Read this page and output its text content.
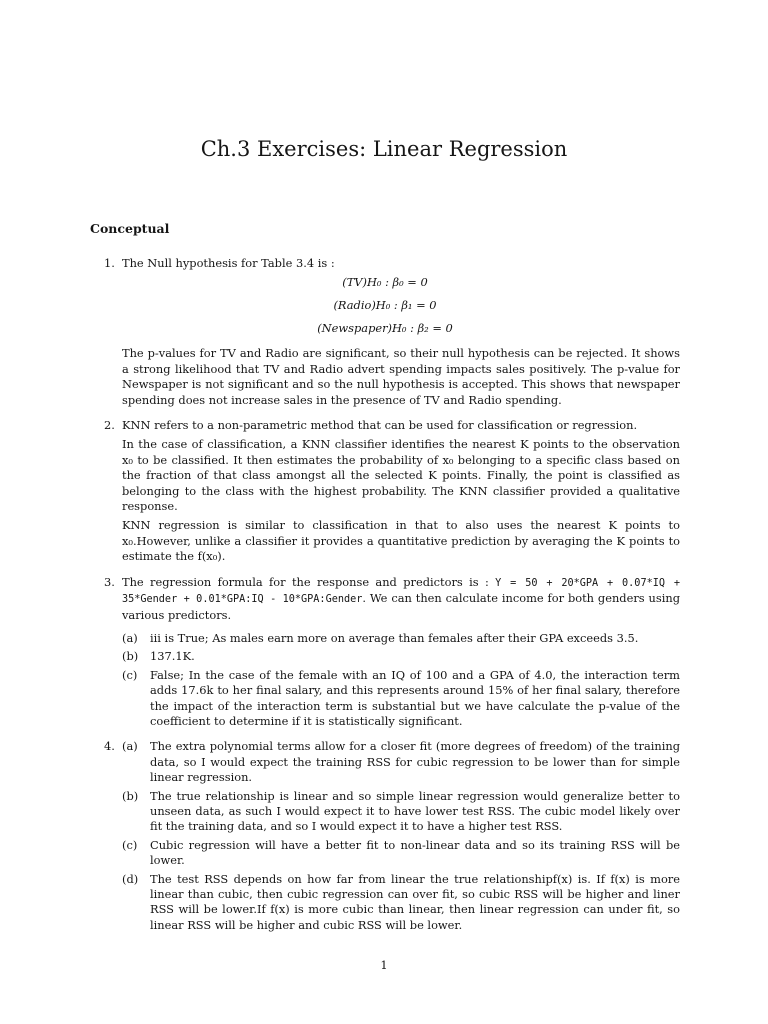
Ch.3 Exercises: Linear Regression
Conceptual
1. The Null hypothesis for Table 3.4 is :

(TV)H₀ : β₀ = 0
(Radio)H₀ : β₁ = 0
(Newspaper)H₀ : β₂ = 0

The p-values for TV and Radio are significant, so their null hypothesis can be rejected. It shows a strong likelihood that TV and Radio advert spending impacts sales positively. The p-value for Newspaper is not significant and so the null hypothesis is accepted. This shows that newspaper spending does not increase sales in the presence of TV and Radio spending.

2. KNN refers to a non-parametric method that can be used for classification or regression.

In the case of classification, a KNN classifier identifies the nearest K points to the observation x₀ to be classified. It then estimates the probability of x₀ belonging to a specific class based on the fraction of that class amongst all the selected K points. Finally, the point is classified as belonging to the class with the highest probability. The KNN classifier provided a qualitative response.

KNN regression is similar to classification in that to also uses the nearest K points to x₀.However, unlike a classifier it provides a quantitative prediction by averaging the K points to estimate the f(x₀).

3. The regression formula for the response and predictors is : Y = 50 + 20*GPA + 0.07*IQ + 35*Gender + 0.01*GPA:IQ - 10*GPA:Gender. We can then calculate income for both genders using various predictors.

(a) iii is True; As males earn more on average than females after their GPA exceeds 3.5.
(b) 137.1K.
(c) False; In the case of the female with an IQ of 100 and a GPA of 4.0, the interaction term adds 17.6k to her final salary, and this represents around 15% of her final salary, therefore the impact of the interaction term is substantial but we have calculate the p-value of the coefficient to determine if it is statistically significant.
4. (a) The extra polynomial terms allow for a closer fit (more degrees of freedom) of the training data, so I would expect the training RSS for cubic regression to be lower than for simple linear regression.
(b) The true relationship is linear and so simple linear regression would generalize better to unseen data, as such I would expect it to have lower test RSS. The cubic model likely over fit the training data, and so I would expect it to have a higher test RSS.
(c) Cubic regression will have a better fit to non-linear data and so its training RSS will be lower.
(d) The test RSS depends on how far from linear the true relationshipf(x) is. If f(x) is more linear than cubic, then cubic regression can over fit, so cubic RSS will be higher and liner RSS will be lower.If f(x) is more cubic than linear, then linear regression can under fit, so linear RSS will be higher and cubic RSS will be lower.
1
